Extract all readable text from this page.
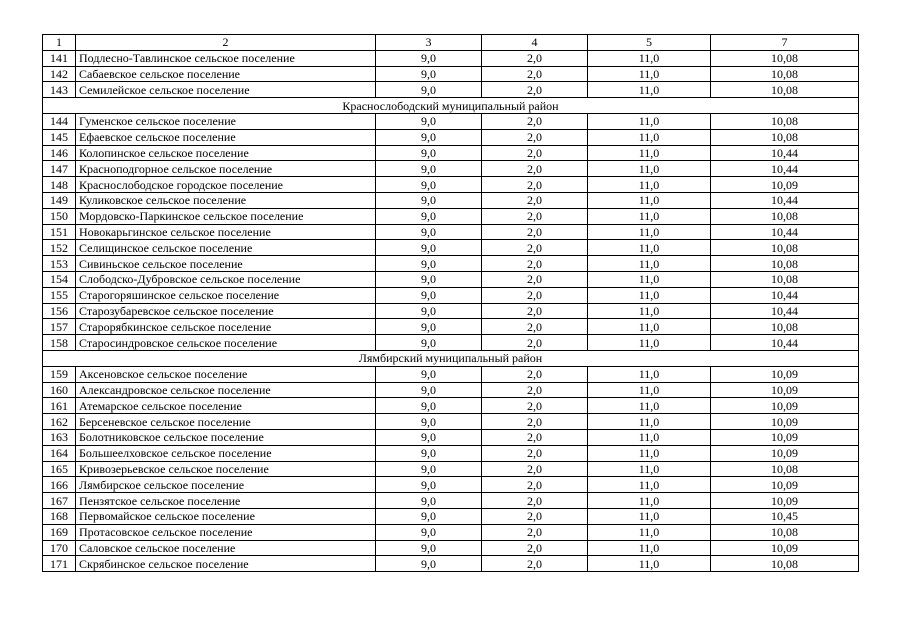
1	2	3	4	5	7
141	Подлесно-Тавлинское сельское поселение	9,0	2,0	11,0	10,08
142	Сабаевское сельское поселение	9,0	2,0	11,0	10,08
143	Семилейское сельское поселение	9,0	2,0	11,0	10,08
Краснослободский муниципальный район					
144	Гуменское сельское поселение	9,0	2,0	11,0	10,08
145	Ефаевское сельское поселение	9,0	2,0	11,0	10,08
146	Колопинское сельское поселение	9,0	2,0	11,0	10,44
147	Красноподгорное сельское поселение	9,0	2,0	11,0	10,44
148	Краснослободское городское поселение	9,0	2,0	11,0	10,09
149	Куликовское сельское поселение	9,0	2,0	11,0	10,44
150	Мордовско-Паркинское сельское поселение	9,0	2,0	11,0	10,08
151	Новокарьгинское сельское поселение	9,0	2,0	11,0	10,44
152	Селищинское сельское поселение	9,0	2,0	11,0	10,08
153	Сивиньское сельское поселение	9,0	2,0	11,0	10,08
154	Слободско-Дубровское сельское поселение	9,0	2,0	11,0	10,08
155	Старогоряшинское сельское поселение	9,0	2,0	11,0	10,44
156	Старозубаревское сельское поселение	9,0	2,0	11,0	10,44
157	Старорябкинское сельское поселение	9,0	2,0	11,0	10,08
158	Старосиндровское сельское поселение	9,0	2,0	11,0	10,44
Лямбирский муниципальный район					
159	Аксеновское сельское поселение	9,0	2,0	11,0	10,09
160	Александровское сельское поселение	9,0	2,0	11,0	10,09
161	Атемарское сельское поселение	9,0	2,0	11,0	10,09
162	Берсеневское сельское поселение	9,0	2,0	11,0	10,09
163	Болотниковское сельское поселение	9,0	2,0	11,0	10,09
164	Большеелховское сельское поселение	9,0	2,0	11,0	10,09
165	Кривозерьевское сельское поселение	9,0	2,0	11,0	10,08
166	Лямбирское сельское поселение	9,0	2,0	11,0	10,09
167	Пензятское сельское поселение	9,0	2,0	11,0	10,09
168	Первомайское сельское поселение	9,0	2,0	11,0	10,45
169	Протасовское сельское поселение	9,0	2,0	11,0	10,08
170	Саловское сельское поселение	9,0	2,0	11,0	10,09
171	Скрябинское сельское поселение	9,0	2,0	11,0	10,08
